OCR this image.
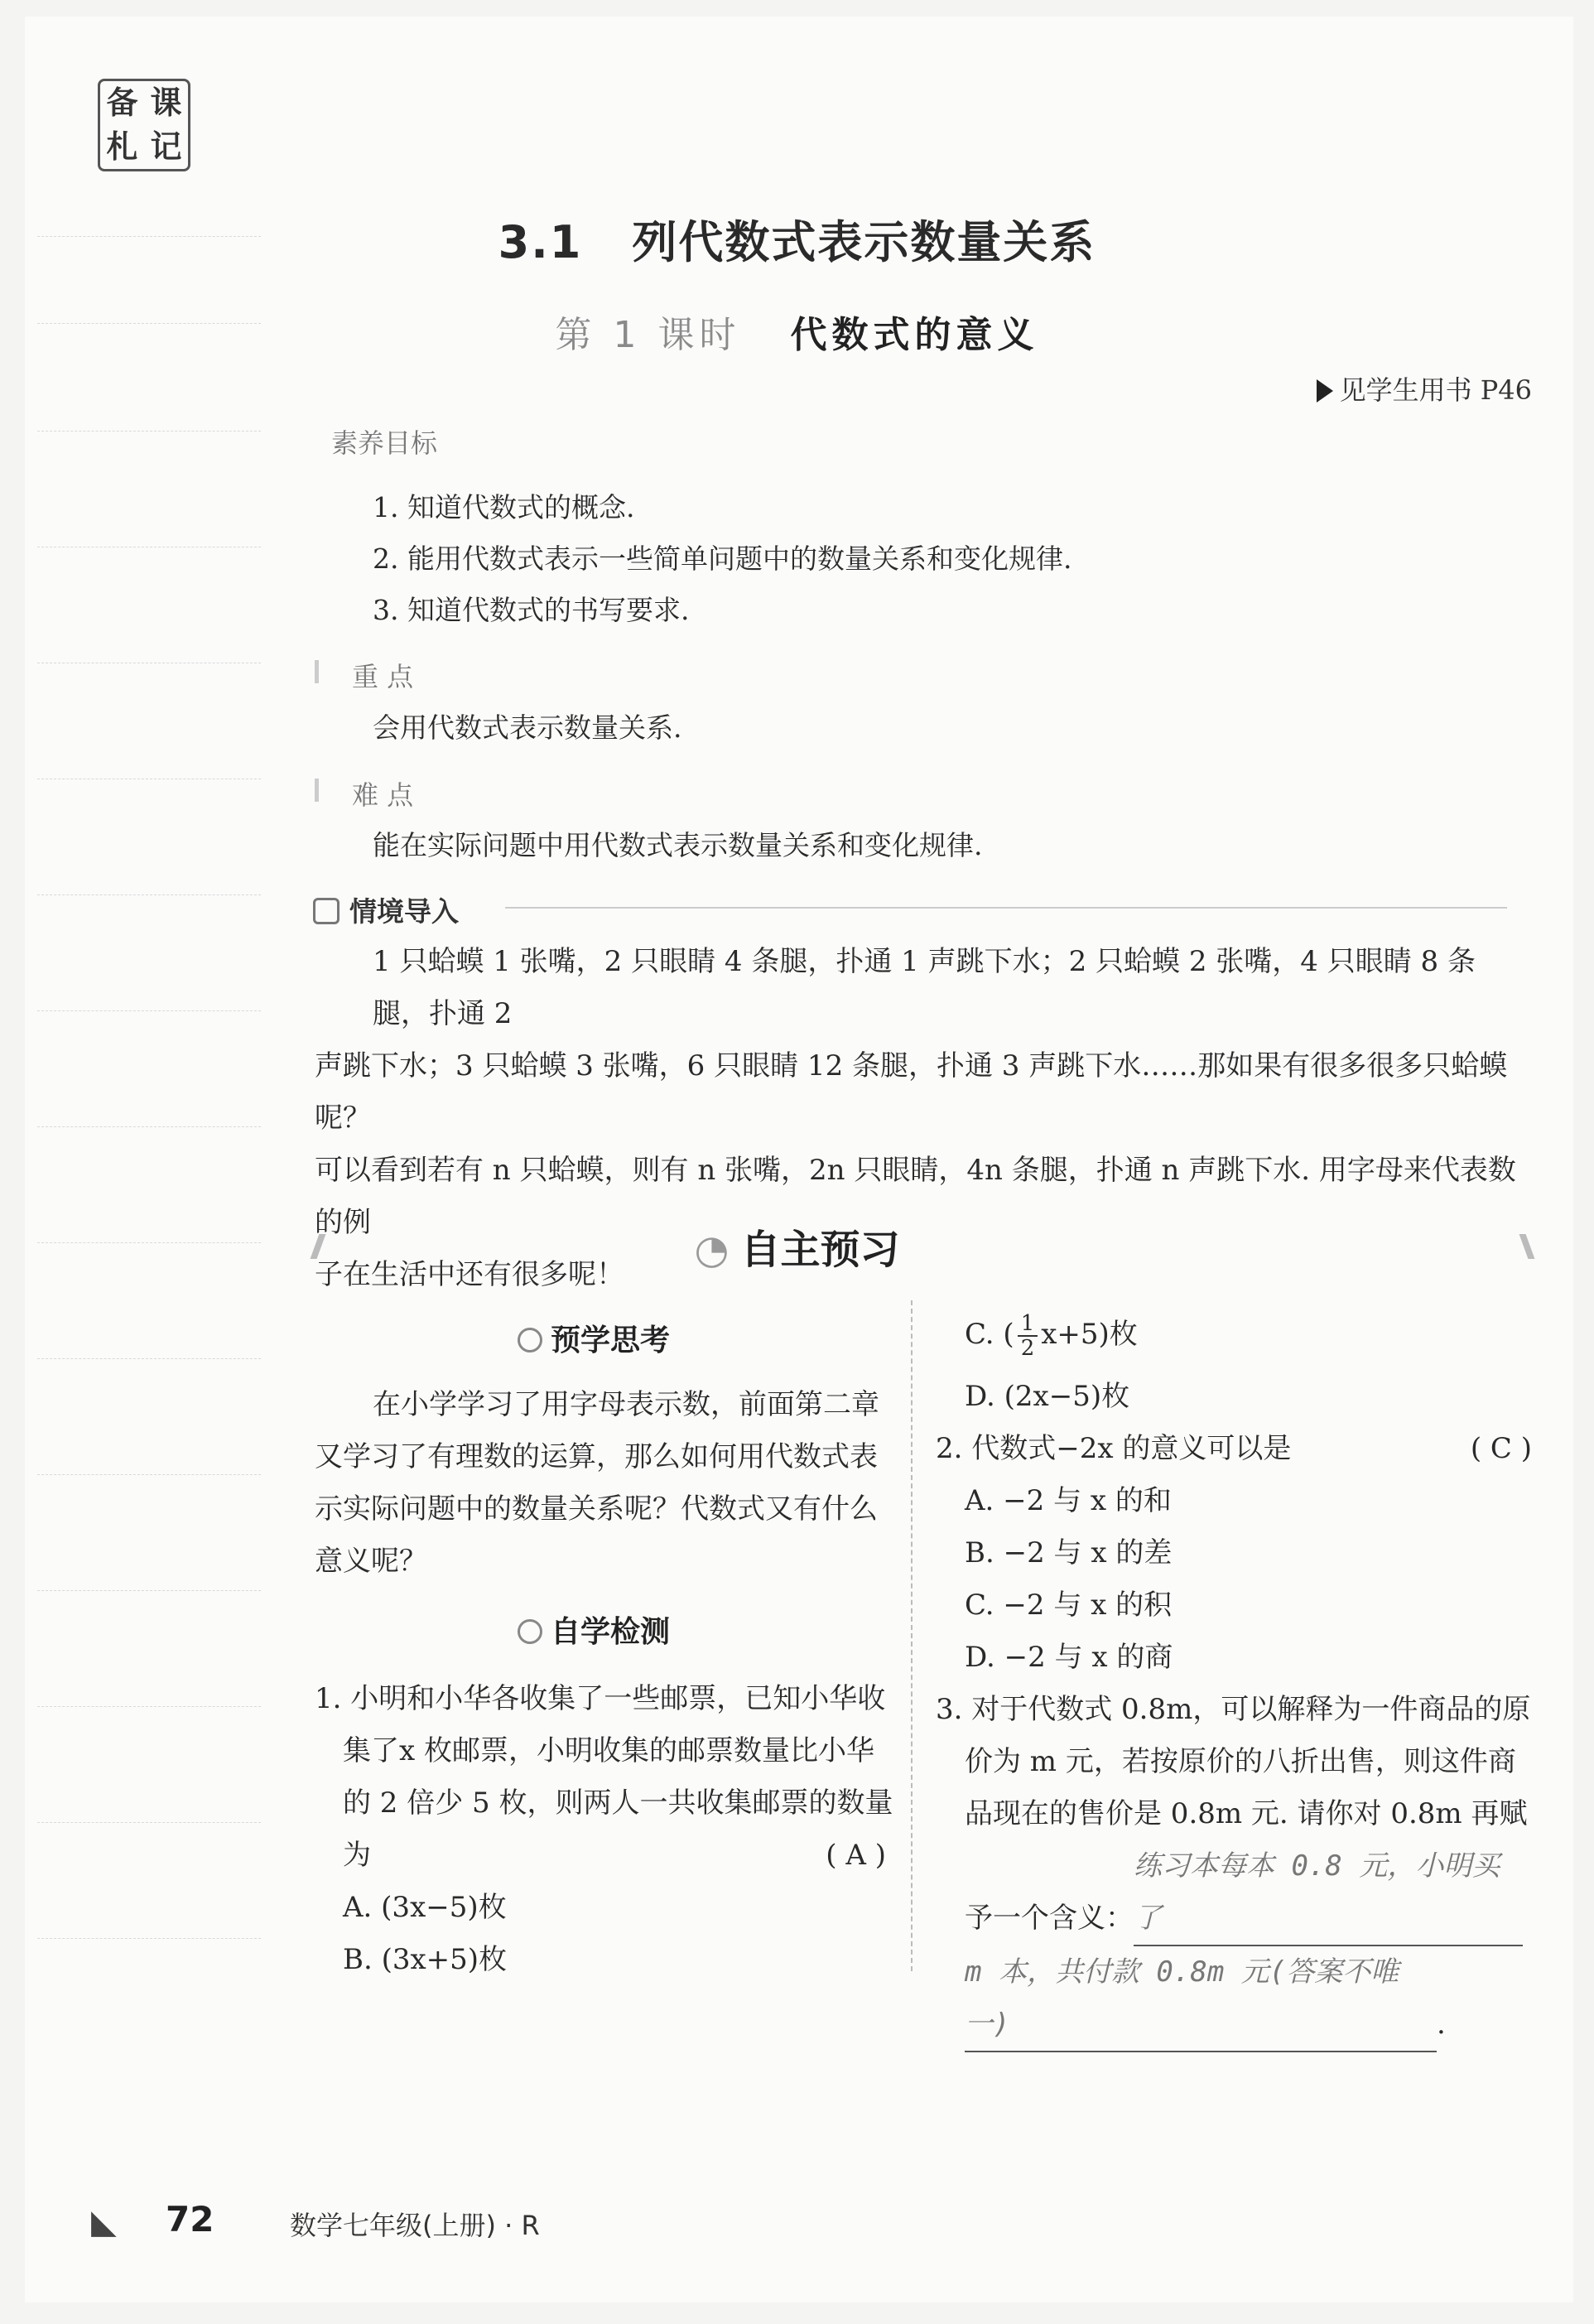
备 课
札 记
3.1 列代数式表示数量关系
第 1 课时 代数式的意义
见学生用书 P46
素养目标
1. 知道代数式的概念.
2. 能用代数式表示一些简单问题中的数量关系和变化规律.
3. 知道代数式的书写要求.
重 点
会用代数式表示数量关系.
难 点
能在实际问题中用代数式表示数量关系和变化规律.
情境导入
1 只蛤蟆 1 张嘴，2 只眼睛 4 条腿，扑通 1 声跳下水；2 只蛤蟆 2 张嘴，4 只眼睛 8 条腿，扑通 2
声跳下水；3 只蛤蟆 3 张嘴，6 只眼睛 12 条腿，扑通 3 声跳下水……那如果有很多很多只蛤蟆呢？
可以看到若有 n 只蛤蟆，则有 n 张嘴，2n 只眼睛，4n 条腿，扑通 n 声跳下水. 用字母来代表数的例
子在生活中还有很多呢！
◔ 自主预习
预学思考
在小学学习了用字母表示数，前面第二章
又学习了有理数的运算，那么如何用代数式表
示实际问题中的数量关系呢？代数式又有什么
意义呢？
自学检测
1. 小明和小华各收集了一些邮票，已知小华收
集了x 枚邮票，小明收集的邮票数量比小华
的 2 倍少 5 枚，则两人一共收集邮票的数量
为	( A )
A. (3x−5)枚
B. (3x+5)枚
C. ( $\frac{1}{2} x+5$)枚
D. (2x−5)枚
2. 代数式−2x 的意义可以是	( C )
A. −2 与 x 的和
B. −2 与 x 的差
C. −2 与 x 的积
D. −2 与 x 的商
3. 对于代数式 0.8m，可以解释为一件商品的原
价为 m 元，若按原价的八折出售，则这件商
品现在的售价是 0.8m 元. 请你对 0.8m 再赋
予一个含义：练习本每本 0.8 元，小明买了
m 本，共付款 0.8m 元(答案不唯一)	.
◣ 72	数学七年级(上册) · R
